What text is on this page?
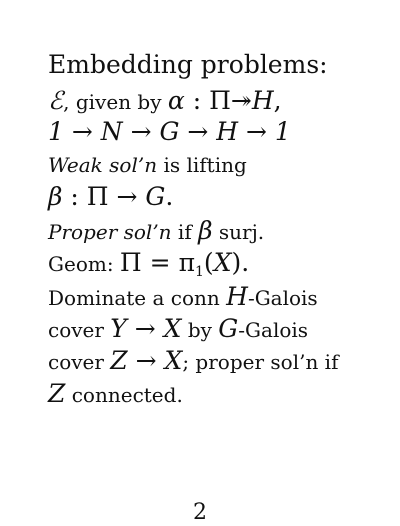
Embedding problems:
ℰ, given by α : Π↠H,
1 → N → G → H → 1
Weak sol’n is lifting
β : Π → G.
Proper sol’n if β surj.
Geom: $\Pi = \pi_1(X)$.
Dominate a conn H-Galois
cover Y → X by G-Galois
cover Z → X; proper sol’n if
Z connected.
2
